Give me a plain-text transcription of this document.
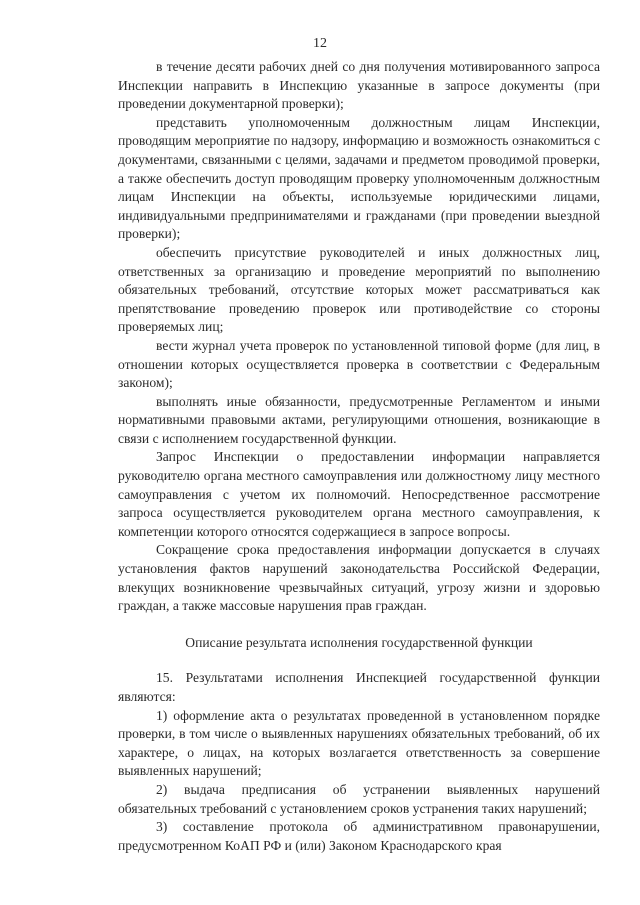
12

в течение десяти рабочих дней со дня получения мотивированного запроса Инспекции направить в Инспекцию указанные в запросе документы (при проведении документарной проверки);

представить уполномоченным должностным лицам Инспекции, проводящим мероприятие по надзору, информацию и возможность ознакомиться с документами, связанными с целями, задачами и предметом проводимой проверки, а также обеспечить доступ проводящим проверку уполномоченным должностным лицам Инспекции на объекты, используемые юридическими лицами, индивидуальными предпринимателями и гражданами (при проведении выездной проверки);

обеспечить присутствие руководителей и иных должностных лиц, ответственных за организацию и проведение мероприятий по выполнению обязательных требований, отсутствие которых может рассматриваться как препятствование проведению проверок или противодействие со стороны проверяемых лиц;

вести журнал учета проверок по установленной типовой форме (для лиц, в отношении которых осуществляется проверка в соответствии с Федеральным законом);

выполнять иные обязанности, предусмотренные Регламентом и иными нормативными правовыми актами, регулирующими отношения, возникающие в связи с исполнением государственной функции.

Запрос Инспекции о предоставлении информации направляется руководителю органа местного самоуправления или должностному лицу местного самоуправления с учетом их полномочий. Непосредственное рассмотрение запроса осуществляется руководителем органа местного самоуправления, к компетенции которого относятся содержащиеся в запросе вопросы.

Сокращение срока предоставления информации допускается в случаях установления фактов нарушений законодательства Российской Федерации, влекущих возникновение чрезвычайных ситуаций, угрозу жизни и здоровью граждан, а также массовые нарушения прав граждан.

Описание результата исполнения государственной функции

15. Результатами исполнения Инспекцией государственной функции являются:

1) оформление акта о результатах проведенной в установленном порядке проверки, в том числе о выявленных нарушениях обязательных требований, об их характере, о лицах, на которых возлагается ответственность за совершение выявленных нарушений;

2) выдача предписания об устранении выявленных нарушений обязательных требований с установлением сроков устранения таких нарушений;

3) составление протокола об административном правонарушении, предусмотренном КоАП РФ и (или) Законом Краснодарского края
